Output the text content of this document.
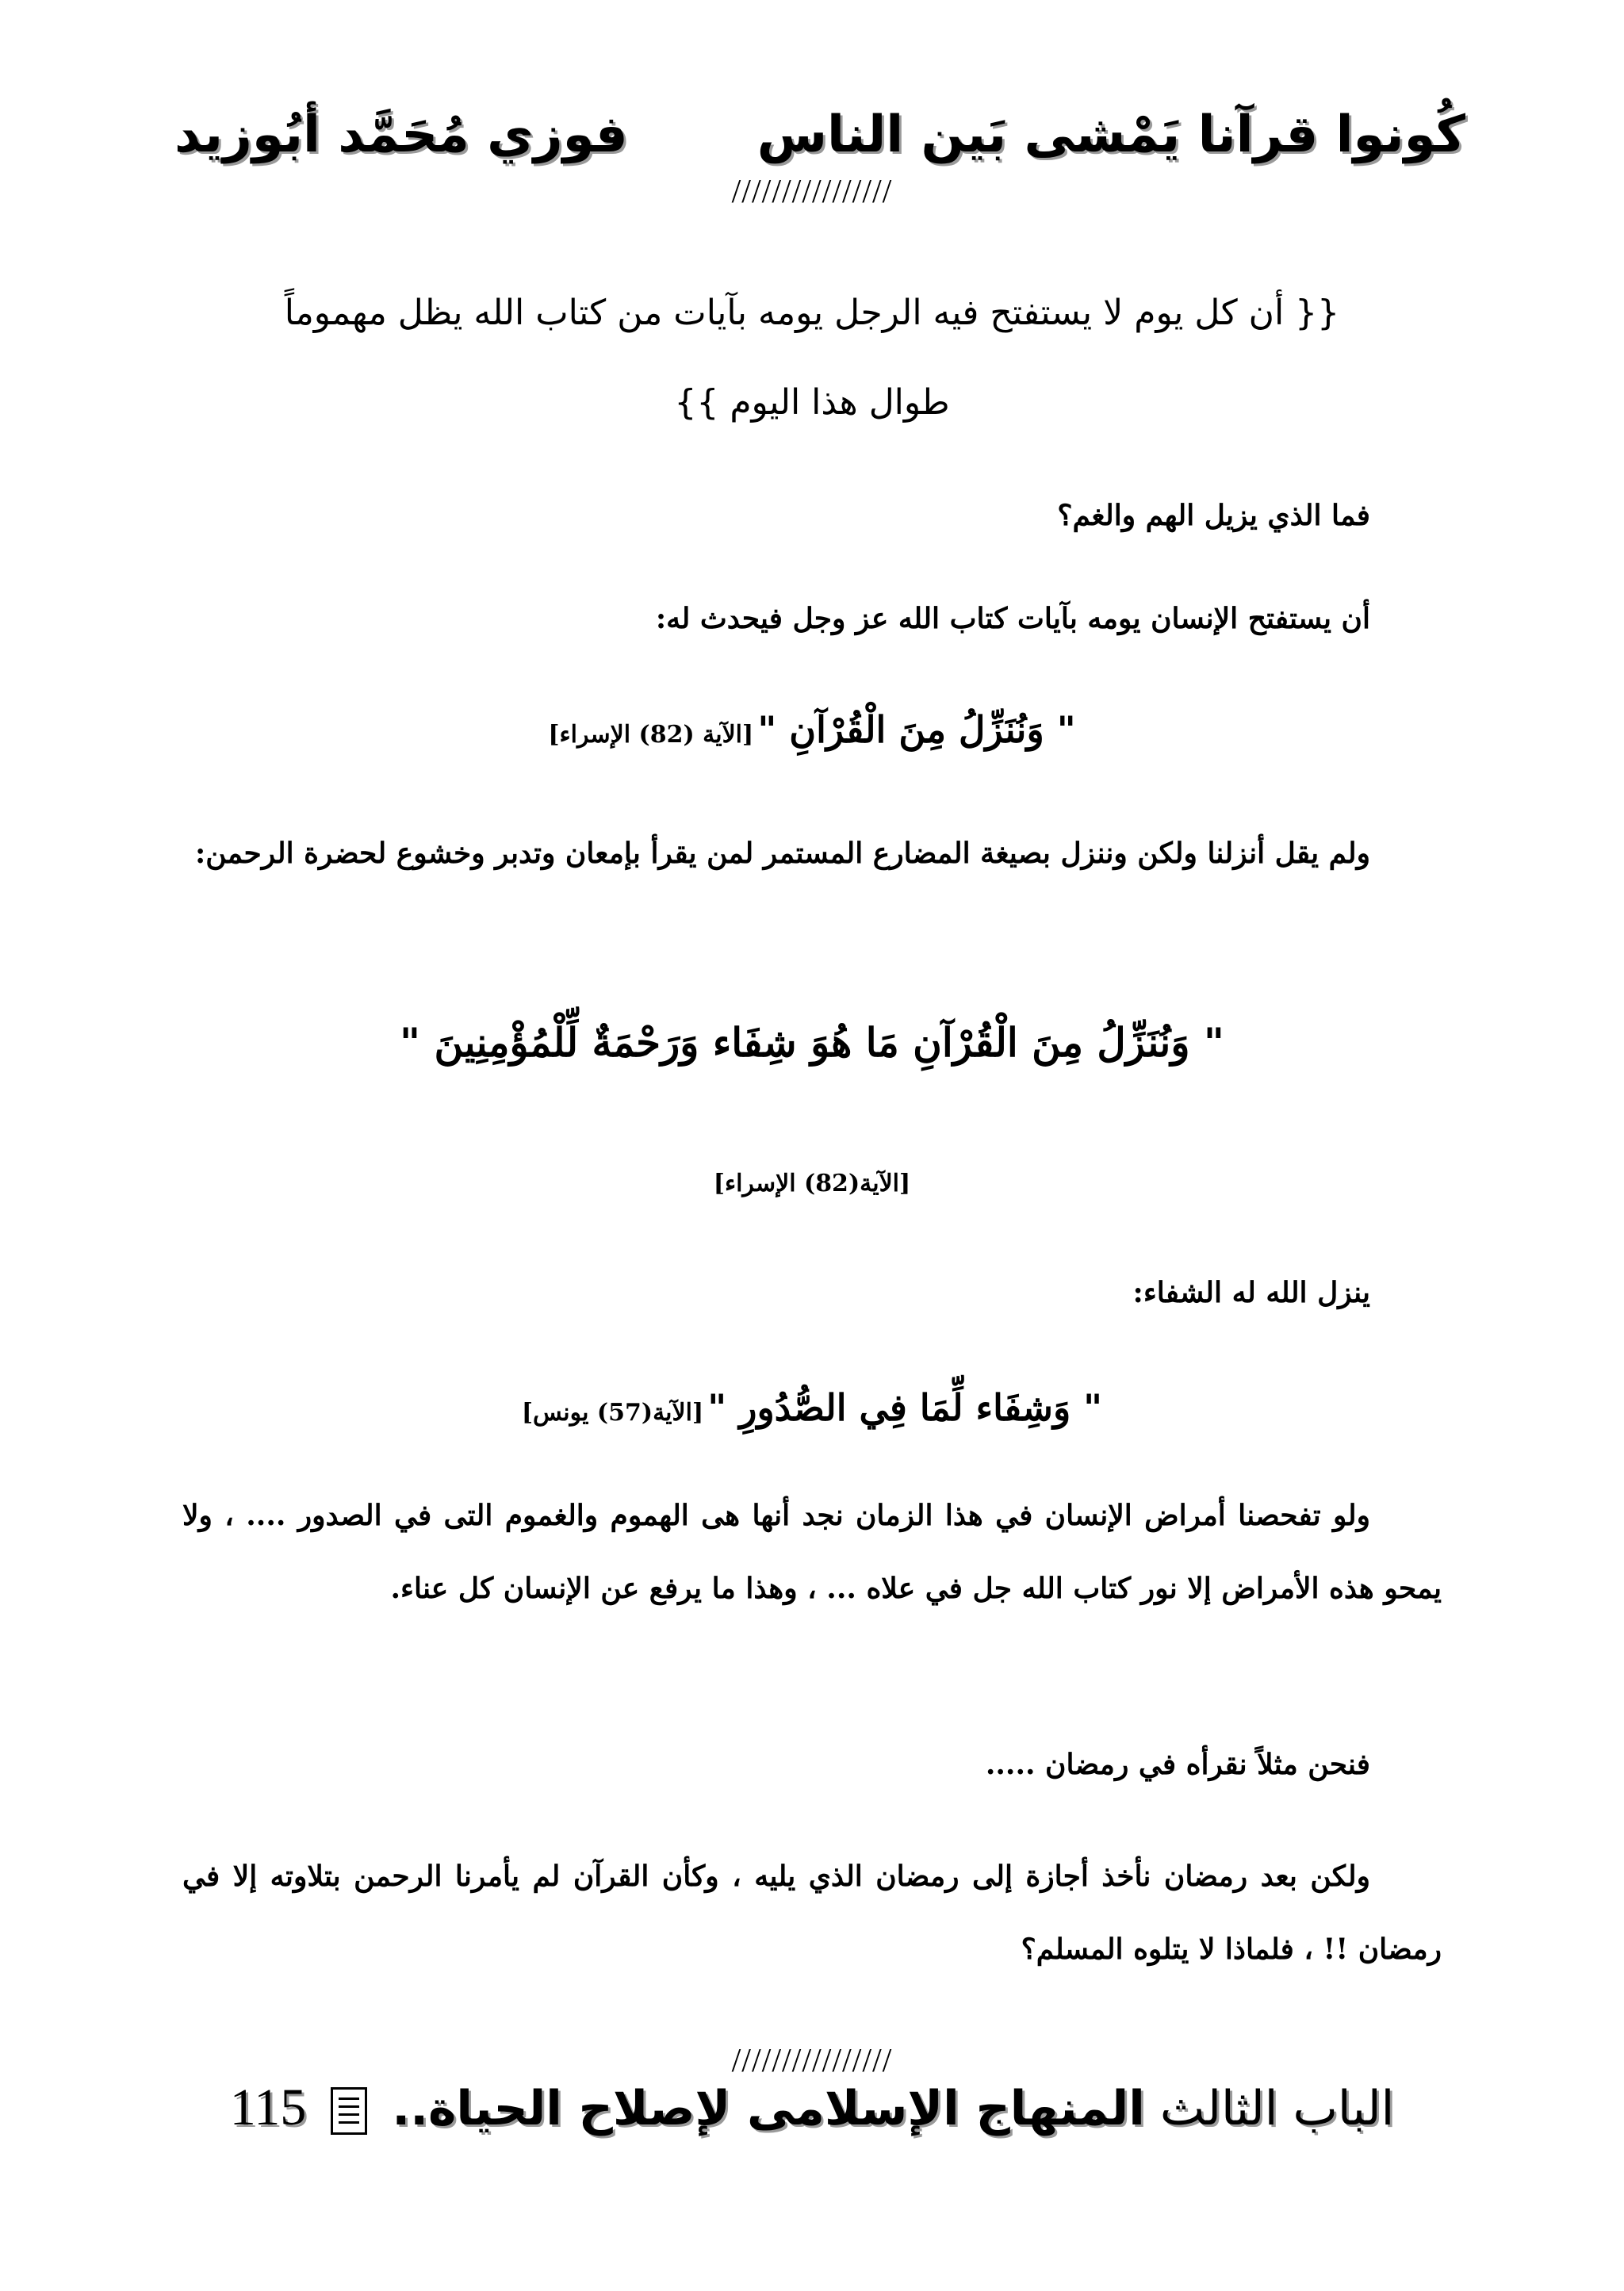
كُونوا قرآنا يَمْشى بَين الناس
فوزي مُحَمَّد أبُوزيد
////////////////
{{ أن كل يوم لا يستفتح فيه الرجل يومه بآيات من كتاب الله يظل مهموماً
طوال هذا اليوم }}
فما الذي يزيل الهم والغم؟
أن يستفتح الإنسان يومه بآيات كتاب الله عز وجل فيحدث له:
" وَنُنَزِّلُ مِنَ الْقُرْآنِ " [الآية (82) الإسراء]
ولم يقل أنزلنا ولكن وننزل بصيغة المضارع المستمر لمن يقرأ بإمعان وتدبر وخشوع لحضرة الرحمن:
" وَنُنَزِّلُ مِنَ الْقُرْآنِ مَا هُوَ شِفَاء وَرَحْمَةٌ لِّلْمُؤْمِنِينَ "
[الآية(82) الإسراء]
ينزل الله له الشفاء:
" وَشِفَاء لِّمَا فِي الصُّدُورِ " [الآية(57) يونس]
ولو تفحصنا أمراض الإنسان في هذا الزمان نجد أنها هى الهموم والغموم التى في الصدور .... ، ولا يمحو هذه الأمراض إلا نور كتاب الله جل في علاه ... ، وهذا ما يرفع عن الإنسان كل عناء.
فنحن مثلاً نقرأه في رمضان .....
ولكن بعد رمضان نأخذ أجازة إلى رمضان الذي يليه ، وكأن القرآن لم يأمرنا الرحمن بتلاوته إلا في رمضان !! ، فلماذا لا يتلوه المسلم؟
////////////////
الباب الثالث المنهاج الإسلامى لإصلاح الحياة..
115
